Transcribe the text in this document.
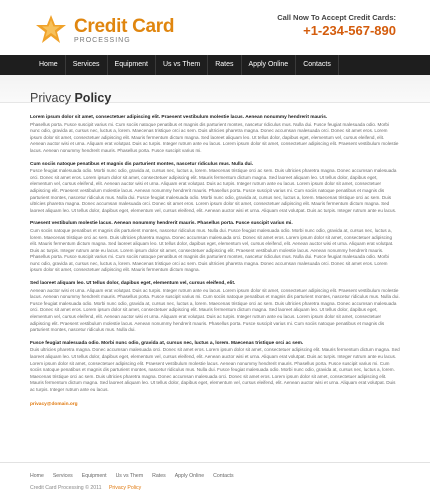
Credit Card
PROCESSING
Call Now To Accept Credit Cards:
+1-234-567-890
Home	Services	Equipment	Us vs Them	Rates	Apply Online	Contacts
Privacy Policy
Lorem ipsum dolor sit amet, consectetuer adipiscing elit. Praesent vestibulum molestie lacus. Aenean nonummy hendrerit mauris.
Phasellus porta. Fusce suscipit varius mi. Cum sociis natoque penatibus et magnis dis parturient montes, nascetur ridiculus mus. Nulla dui. Fusce feugiat malesuada odio. Morbi nunc odio, gravida at, cursus nec, luctus a, lorem. Maecenas tristique orci ac sem. Duis ultricies pharetra magna. Donec accumsan malesuada orci. Donec sit amet eros. Lorem ipsum dolor sit amet, consectetuer adipiscing elit. Mauris fermentum dictum magna. Sed laoreet aliquam leo. Ut tellus dolor, dapibus eget, elementum vel, cursus eleifend, elit. Aenean auctor wisi et urna. Aliquam erat volutpat. Duis ac turpis. Integer rutrum ante eu lacus. Lorem ipsum dolor sit amet, consectetuer adipiscing elit. Praesent vestibulum molestie lacus. Aenean nonummy hendrerit mauris. Phasellus porta. Fusce suscipit varius mi.
Cum sociis natoque penatibus et magnis dis parturient montes, nascetur ridiculus mus. Nulla dui.
Fusce feugiat malesuada odio. Morbi nunc odio, gravida at, cursus nec, luctus a, lorem. Maecenas tristique orci ac sem. Duis ultricies pharetra magna. Donec accumsan malesuada orci. Donec sit amet eros. Lorem ipsum dolor sit amet, consectetuer adipiscing elit. Mauris fermentum dictum magna. Sed laoreet aliquam leo. Ut tellus dolor, dapibus eget, elementum vel, cursus eleifend, elit. Aenean auctor wisi et urna. Aliquam erat volutpat. Duis ac turpis. Integer rutrum ante eu lacus. Lorem ipsum dolor sit amet, consectetuer adipiscing elit. Praesent vestibulum molestie lacus. Aenean nonummy hendrerit mauris. Phasellus porta. Fusce suscipit varius mi. Cum sociis natoque penatibus et magnis dis parturient montes, nascetur ridiculus mus. Nulla dui. Fusce feugiat malesuada odio. Morbi nunc odio, gravida at, cursus nec, luctus a, lorem. Maecenas tristique orci ac sem. Duis ultricies pharetra magna. Donec accumsan malesuada orci. Donec sit amet eros. Lorem ipsum dolor sit amet, consectetuer adipiscing elit. Mauris fermentum dictum magna. Sed laoreet aliquam leo. Ut tellus dolor, dapibus eget, elementum vel, cursus eleifend, elit. Aenean auctor wisi et urna. Aliquam erat volutpat. Duis ac turpis. Integer rutrum ante eu lacus.
Praesent vestibulum molestie lacus. Aenean nonummy hendrerit mauris. Phasellus porta. Fusce suscipit varius mi.
Cum sociis natoque penatibus et magnis dis parturient montes, nascetur ridiculus mus. Nulla dui. Fusce feugiat malesuada odio. Morbi nunc odio, gravida at, cursus nec, luctus a, lorem. Maecenas tristique orci ac sem. Duis ultricies pharetra magna. Donec accumsan malesuada orci. Donec sit amet eros. Lorem ipsum dolor sit amet, consectetuer adipiscing elit. Mauris fermentum dictum magna. Sed laoreet aliquam leo. Ut tellus dolor, dapibus eget, elementum vel, cursus eleifend, elit. Aenean auctor wisi et urna. Aliquam erat volutpat. Duis ac turpis. Integer rutrum ante eu lacus. Lorem ipsum dolor sit amet, consectetuer adipiscing elit. Praesent vestibulum molestie lacus. Aenean nonummy hendrerit mauris. Phasellus porta. Fusce suscipit varius mi. Cum sociis natoque penatibus et magnis dis parturient montes, nascetur ridiculus mus. Nulla dui. Fusce feugiat malesuada odio. Morbi nunc odio, gravida at, cursus nec, luctus a, lorem. Maecenas tristique orci ac sem. Duis ultricies pharetra magna. Donec accumsan malesuada orci. Donec sit amet eros. Lorem ipsum dolor sit amet, consectetuer adipiscing elit. Mauris fermentum dictum magna.
Sed laoreet aliquam leo. Ut tellus dolor, dapibus eget, elementum vel, cursus eleifend, elit.
Aenean auctor wisi et urna. Aliquam erat volutpat. Duis ac turpis. Integer rutrum ante eu lacus. Lorem ipsum dolor sit amet, consectetuer adipiscing elit. Praesent vestibulum molestie lacus. Aenean nonummy hendrerit mauris. Phasellus porta. Fusce suscipit varius mi. Cum sociis natoque penatibus et magnis dis parturient montes, nascetur ridiculus mus. Nulla dui. Fusce feugiat malesuada odio. Morbi nunc odio, gravida at, cursus nec, luctus a, lorem. Maecenas tristique orci ac sem. Duis ultricies pharetra magna. Donec accumsan malesuada orci. Donec sit amet eros. Lorem ipsum dolor sit amet, consectetuer adipiscing elit. Mauris fermentum dictum magna. Sed laoreet aliquam leo. Ut tellus dolor, dapibus eget, elementum vel, cursus eleifend, elit. Aenean auctor wisi et urna. Aliquam erat volutpat. Duis ac turpis. Integer rutrum ante eu lacus. Lorem ipsum dolor sit amet, consectetuer adipiscing elit. Praesent vestibulum molestie lacus. Aenean nonummy hendrerit mauris. Phasellus porta. Fusce suscipit varius mi. Cum sociis natoque penatibus et magnis dis parturient montes, nascetur ridiculus mus. Nulla dui.
Fusce feugiat malesuada odio. Morbi nunc odio, gravida at, cursus nec, luctus a, lorem. Maecenas tristique orci ac sem.
Duis ultricies pharetra magna. Donec accumsan malesuada orci. Donec sit amet eros. Lorem ipsum dolor sit amet, consectetuer adipiscing elit. Mauris fermentum dictum magna. Sed laoreet aliquam leo. Ut tellus dolor, dapibus eget, elementum vel, cursus eleifend, elit. Aenean auctor wisi et urna. Aliquam erat volutpat. Duis ac turpis. Integer rutrum ante eu lacus. Lorem ipsum dolor sit amet, consectetuer adipiscing elit. Praesent vestibulum molestie lacus. Aenean nonummy hendrerit mauris. Phasellus porta. Fusce suscipit varius mi. Cum sociis natoque penatibus et magnis dis parturient montes, nascetur ridiculus mus. Nulla dui. Fusce feugiat malesuada odio. Morbi nunc odio, gravida at, cursus nec, luctus a, lorem. Maecenas tristique orci ac sem. Duis ultricies pharetra magna. Donec accumsan malesuada orci. Donec sit amet eros. Lorem ipsum dolor sit amet, consectetuer adipiscing elit. Mauris fermentum dictum magna. Sed laoreet aliquam leo. Ut tellus dolor, dapibus eget, elementum vel, cursus eleifend, elit. Aenean auctor wisi et urna. Aliquam erat volutpat. Duis ac turpis. Integer rutrum ante eu lacus.
privacy@domain.org
Home Services Equipment Us vs Them Rates Apply Online Contacts
Credit Card Processing © 2011 Privacy Policy
